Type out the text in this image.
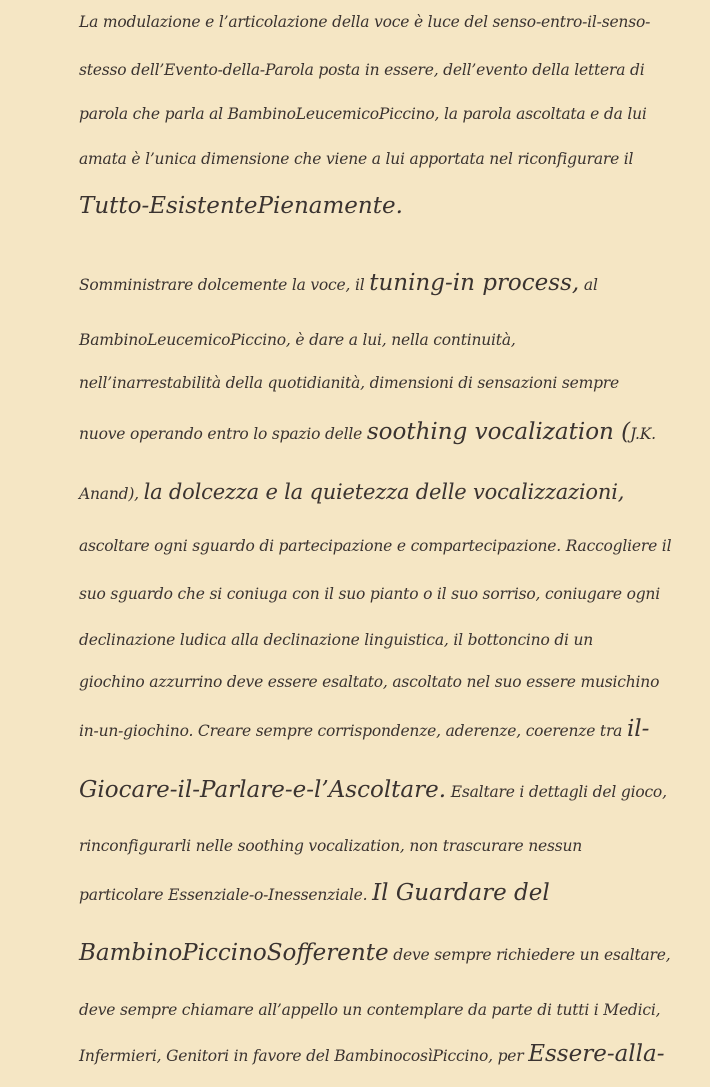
La modulazione e l’articolazione della voce è luce del senso-entro-il-senso-
stesso dell’Evento-della-Parola posta in essere, dell’evento della lettera di
parola che parla al BambinoLeucemicoPiccino, la parola ascoltata e da lui
amata è l’unica dimensione che viene a lui apportata nel riconfigurare il
Tutto-EsistentePienamente.
Somministrare dolcemente la voce, il tuning-in process, al
BambinoLeucemicoPiccino, è dare a lui, nella continuità,
nell’inarrestabilità della quotidianità, dimensioni di sensazioni sempre
nuove operando entro lo spazio delle soothing vocalization (J.K.
Anand), la dolcezza e la quietezza delle vocalizzazioni,
ascoltare ogni sguardo di partecipazione e compartecipazione. Raccogliere il
suo sguardo che si coniuga con il suo pianto o il suo sorriso, coniugare ogni
declinazione ludica alla declinazione linguistica, il bottoncino di un
giochino azzurrino deve essere esaltato, ascoltato nel suo essere musichino
in-un-giochino. Creare sempre corrispondenze, aderenze, coerenze tra il-
Giocare-il-Parlare-e-l’Ascoltare. Esaltare i dettagli del gioco,
rinconfigurarli nelle soothing vocalization, non trascurare nessun
particolare Essenziale-o-Inessenziale. Il Guardare del
BambinoPiccinoSofferente deve sempre richiedere un esaltare,
deve sempre chiamare all’appello un contemplare da parte di tutti i Medici,
Infermieri, Genitori in favore del BambinocosìPiccino, per Essere-alla-
